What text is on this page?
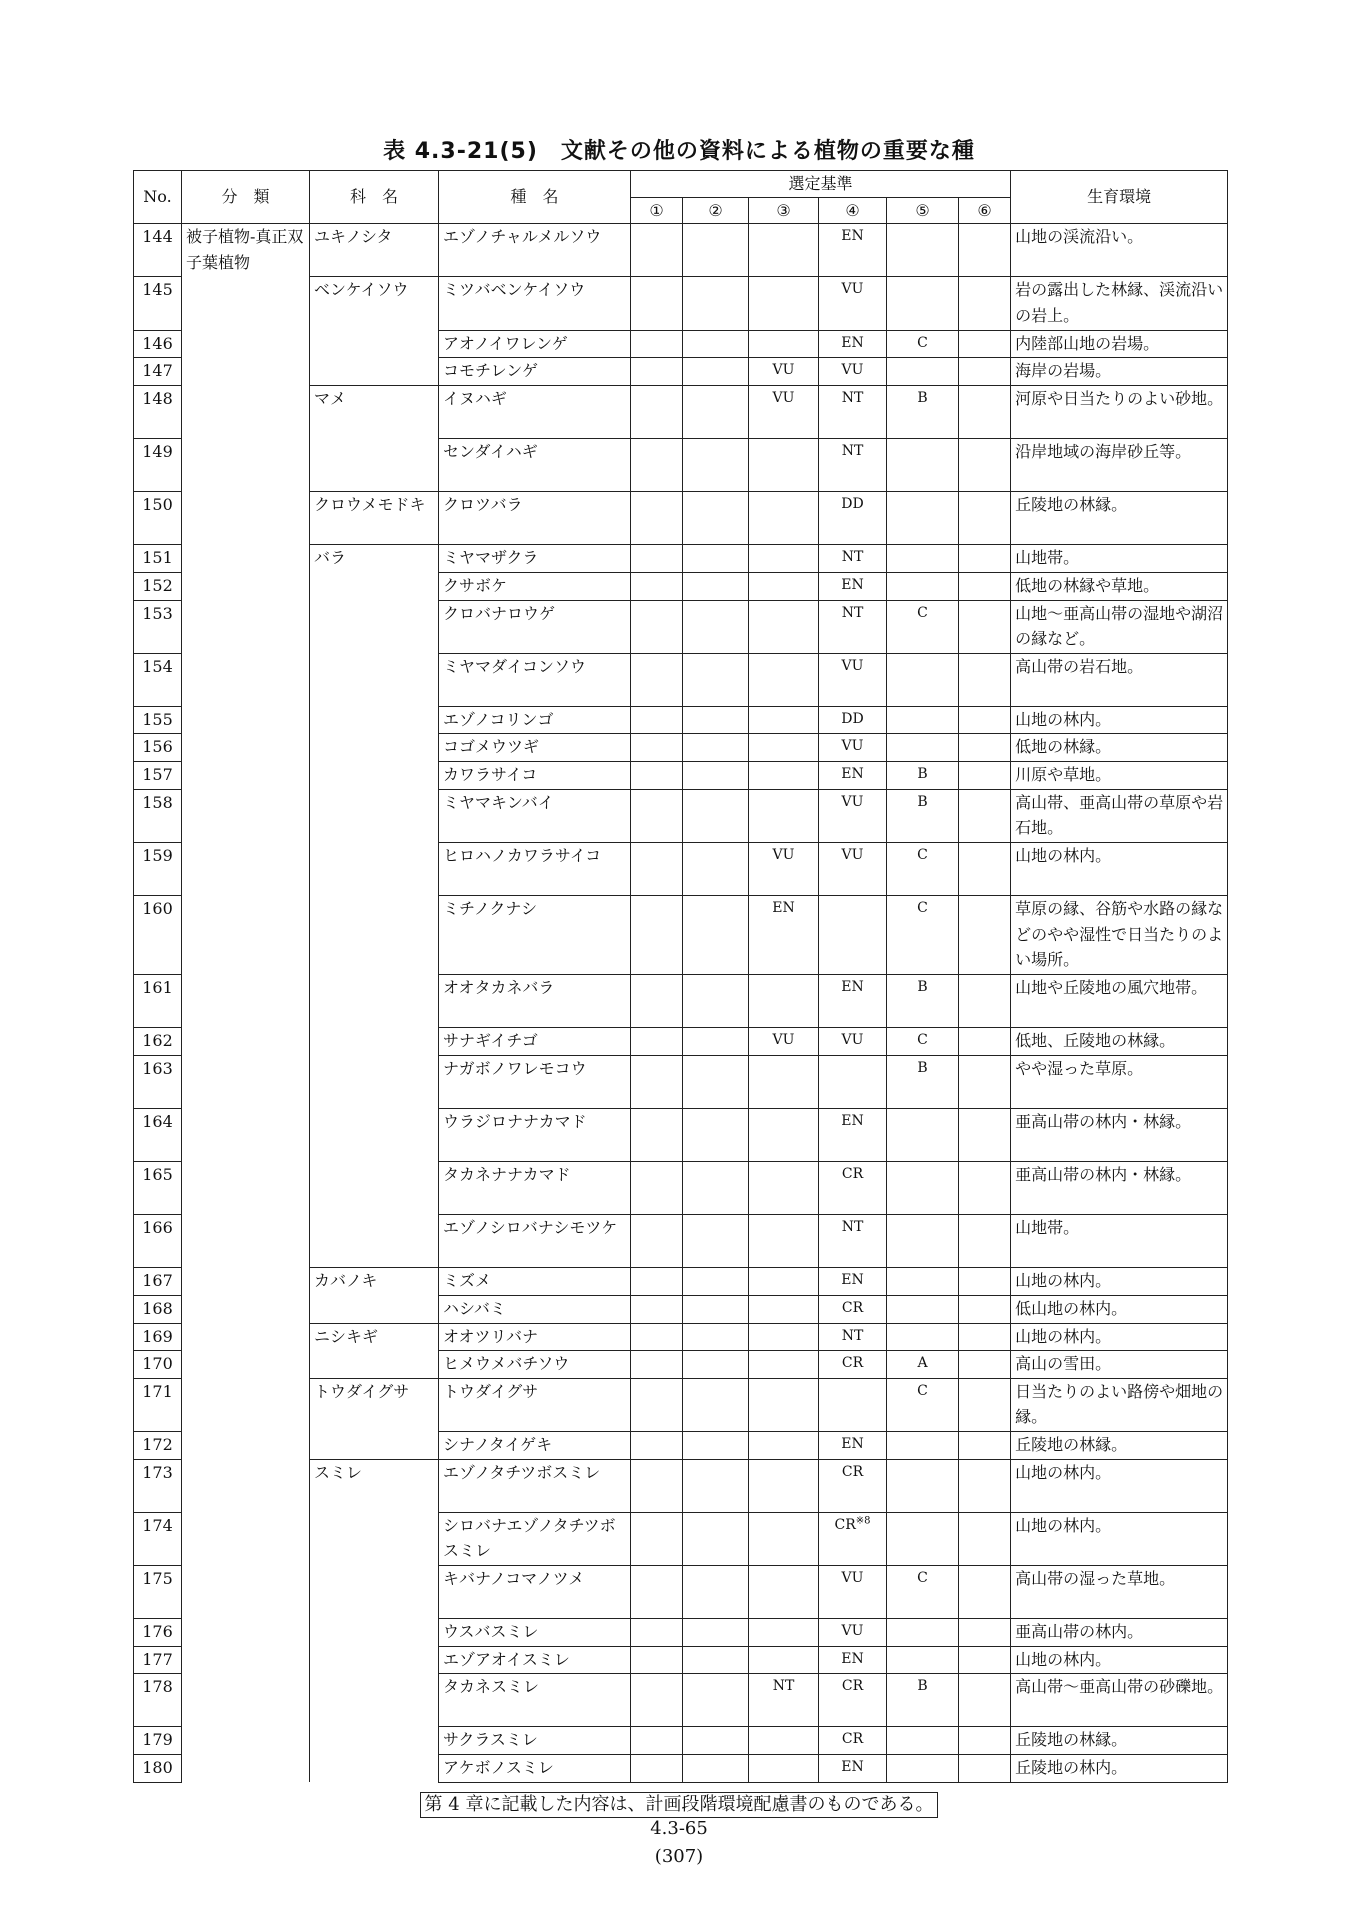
表 4.3-21(5)　文献その他の資料による植物の重要な種
No.	分　類	科　名	種　名	選定基準						生育環境
				①	②	③	④	⑤	⑥	
144	被子植物-真正双子葉植物	ユキノシタ	エゾノチャルメルソウ				EN			山地の渓流沿い。
145		ベンケイソウ	ミツバベンケイソウ				VU			岩の露出した林縁、渓流沿いの岩上。
146			アオノイワレンゲ				EN	C		内陸部山地の岩場。
147			コモチレンゲ			VU	VU			海岸の岩場。
148		マメ	イヌハギ			VU	NT	B		河原や日当たりのよい砂地。
149			センダイハギ				NT			沿岸地域の海岸砂丘等。
150		クロウメモドキ	クロツバラ				DD			丘陵地の林縁。
151		バラ	ミヤマザクラ				NT			山地帯。
152			クサボケ				EN			低地の林縁や草地。
153			クロバナロウゲ				NT	C		山地～亜高山帯の湿地や湖沼の縁など。
154			ミヤマダイコンソウ				VU			高山帯の岩石地。
155			エゾノコリンゴ				DD			山地の林内。
156			コゴメウツギ				VU			低地の林縁。
157			カワラサイコ				EN	B		川原や草地。
158			ミヤマキンバイ				VU	B		高山帯、亜高山帯の草原や岩石地。
159			ヒロハノカワラサイコ			VU	VU	C		山地の林内。
160			ミチノクナシ			EN		C		草原の縁、谷筋や水路の縁などのやや湿性で日当たりのよい場所。
161			オオタカネバラ				EN	B		山地や丘陵地の風穴地帯。
162			サナギイチゴ			VU	VU	C		低地、丘陵地の林縁。
163			ナガボノワレモコウ					B		やや湿った草原。
164			ウラジロナナカマド				EN			亜高山帯の林内・林縁。
165			タカネナナカマド				CR			亜高山帯の林内・林縁。
166			エゾノシロバナシモツケ				NT			山地帯。
167		カバノキ	ミズメ				EN			山地の林内。
168			ハシバミ				CR			低山地の林内。
169		ニシキギ	オオツリバナ				NT			山地の林内。
170			ヒメウメバチソウ				CR	A		高山の雪田。
171		トウダイグサ	トウダイグサ					C		日当たりのよい路傍や畑地の縁。
172			シナノタイゲキ				EN			丘陵地の林縁。
173		スミレ	エゾノタチツボスミレ				CR			山地の林内。
174			シロバナエゾノタチツボスミレ				CR$^{※8}$			山地の林内。
175			キバナノコマノツメ				VU	C		高山帯の湿った草地。
176			ウスバスミレ				VU			亜高山帯の林内。
177			エゾアオイスミレ				EN			山地の林内。
178			タカネスミレ			NT	CR	B		高山帯～亜高山帯の砂礫地。
179			サクラスミレ				CR			丘陵地の林縁。
180			アケボノスミレ				EN			丘陵地の林内。
第 4 章に記載した内容は、計画段階環境配慮書のものである。
4.3-65
(307)
